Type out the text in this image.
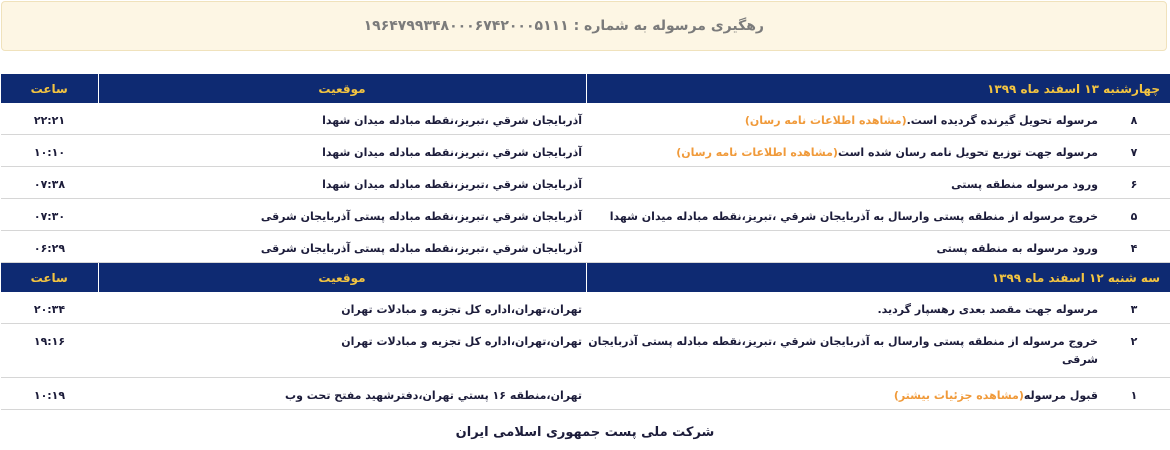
رهگیری مرسوله به شماره : ۱۹۶۴۷۹۹۳۴۸۰۰۰۶۷۴۲۰۰۰۵۱۱۱
چهارشنبه ۱۳ اسفند ماه ۱۳۹۹		موقعیت	ساعت
۸	مرسوله تحویل گیرنده گردیده است.(مشاهده اطلاعات نامه رسان)	آذربايجان شرقي ،تبريز،نقطه مبادله میدان شهدا	۲۲:۲۱
۷	مرسوله جهت توزیع تحویل نامه رسان شده است(مشاهده اطلاعات نامه رسان)	آذربايجان شرقي ،تبريز،نقطه مبادله میدان شهدا	۱۰:۱۰
۶	ورود مرسوله منطقه پستی	آذربايجان شرقي ،تبريز،نقطه مبادله میدان شهدا	۰۷:۳۸
۵	خروج مرسوله از منطقه پستی وارسال به آذربايجان شرقي ،تبريز،نقطه مبادله میدان شهدا	آذربايجان شرقي ،تبريز،نقطه مبادله پستی آذربایجان شرقی	۰۷:۳۰
۴	ورود مرسوله به منطقه پستی	آذربايجان شرقي ،تبريز،نقطه مبادله پستی آذربایجان شرقی	۰۶:۲۹
سه شنبه ۱۲ اسفند ماه ۱۳۹۹		موقعیت	ساعت
۳	مرسوله جهت مقصد بعدی رهسپار گردید.	تهران،تهران،اداره کل تجزیه و مبادلات تهران	۲۰:۳۴
۲	خروج مرسوله از منطقه پستی وارسال به آذربايجان شرقي ،تبريز،نقطه مبادله پستی آذربایجان شرقی	تهران،تهران،اداره کل تجزیه و مبادلات تهران	۱۹:۱۶
۱	قبول مرسوله(مشاهده جزئیات بیشتر)	تهران،منطقه ۱۶ پستي تهران،دفترشهید مفتح تحت وب	۱۰:۱۹
شرکت ملی پست جمهوری اسلامی ایران
